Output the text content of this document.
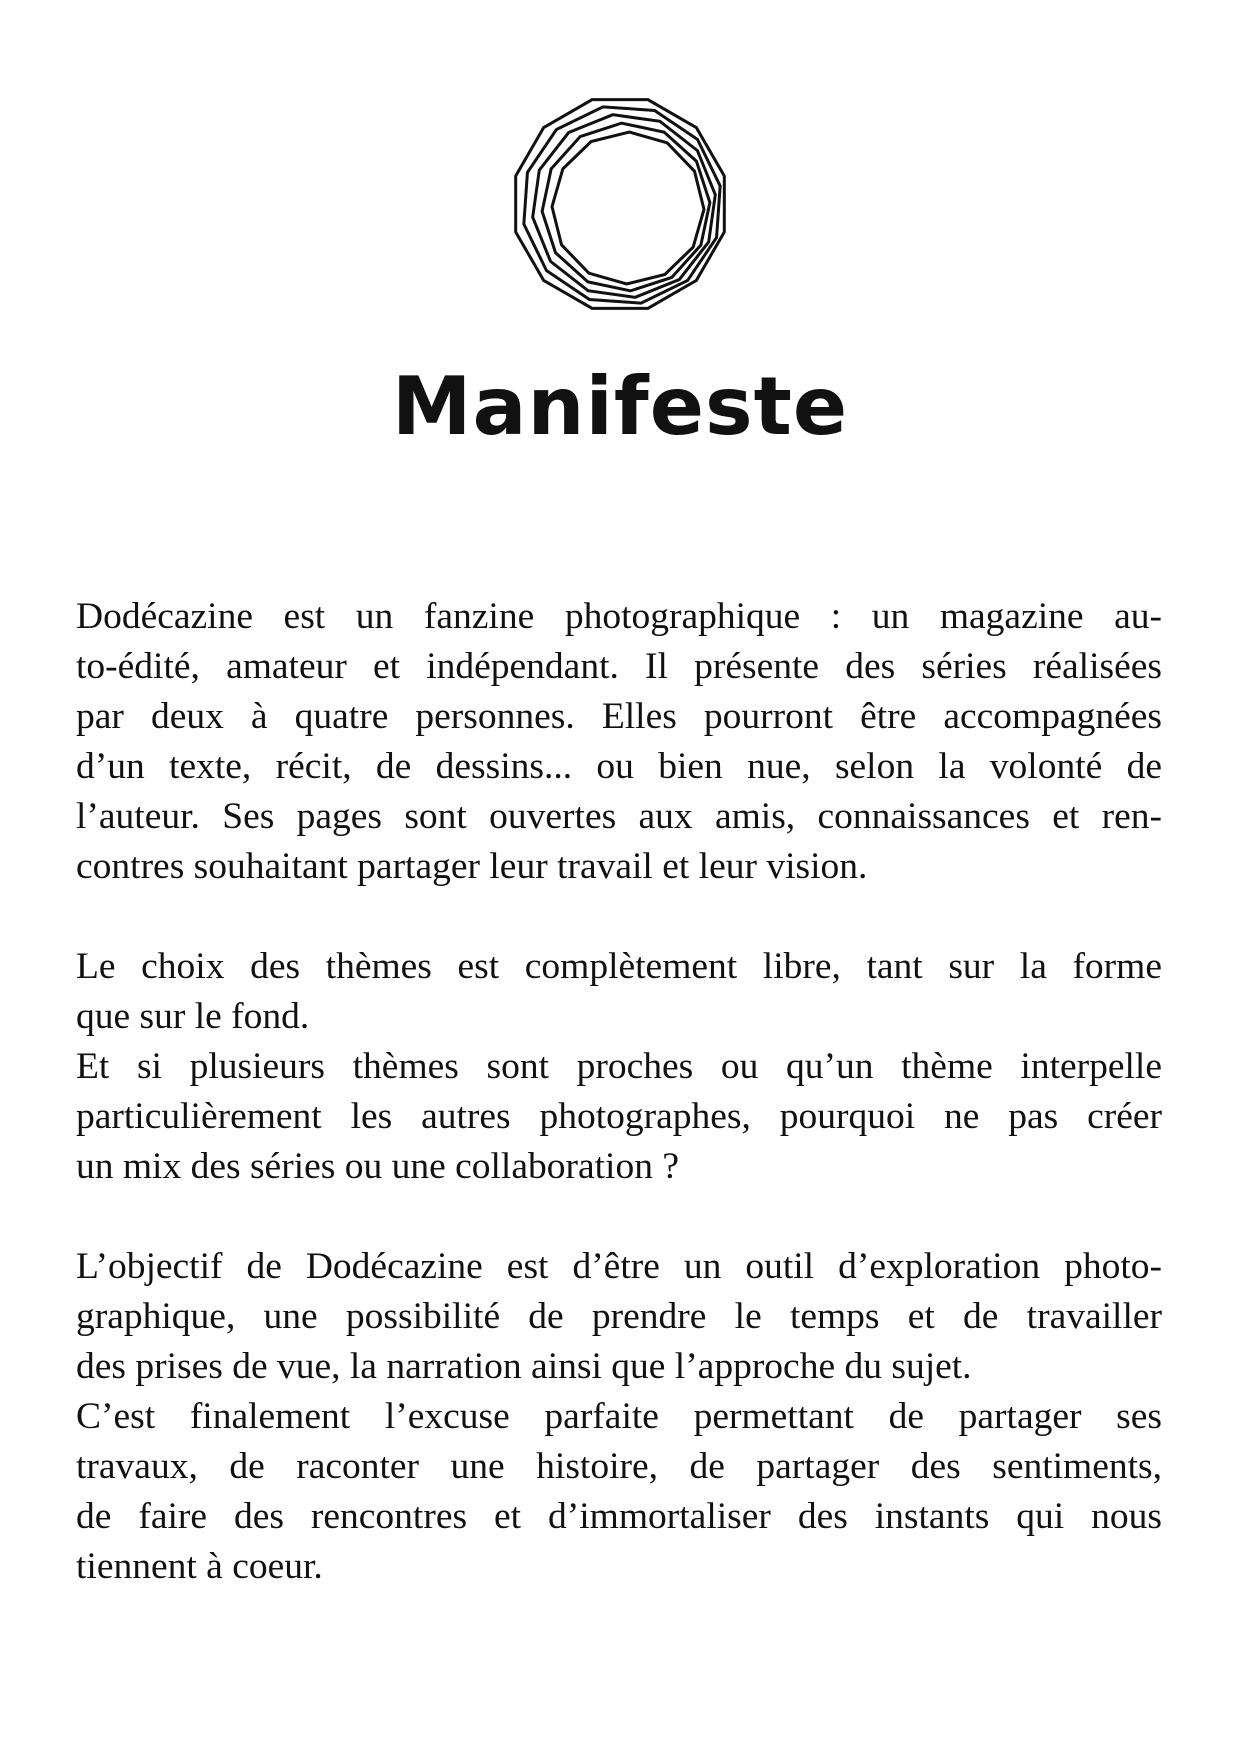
Manifeste
Dodécazine est un fanzine photographique : un magazine au-
to-édité, amateur et indépendant. Il présente des séries réalisées
par deux à quatre personnes. Elles pourront être accompagnées
d’un texte, récit, de dessins... ou bien nue, selon la volonté de
l’auteur. Ses pages sont ouvertes aux amis, connaissances et ren-
contres souhaitant partager leur travail et leur vision.
Le choix des thèmes est complètement libre, tant sur la forme
que sur le fond.
Et si plusieurs thèmes sont proches ou qu’un thème interpelle
particulièrement les autres photographes, pourquoi ne pas créer
un mix des séries ou une collaboration ?
L’objectif de Dodécazine est d’être un outil d’exploration photo-
graphique, une possibilité de prendre le temps et de travailler
des prises de vue, la narration ainsi que l’approche du sujet.
C’est finalement l’excuse parfaite permettant de partager ses
travaux, de raconter une histoire, de partager des sentiments,
de faire des rencontres et d’immortaliser des instants qui nous
tiennent à coeur.
